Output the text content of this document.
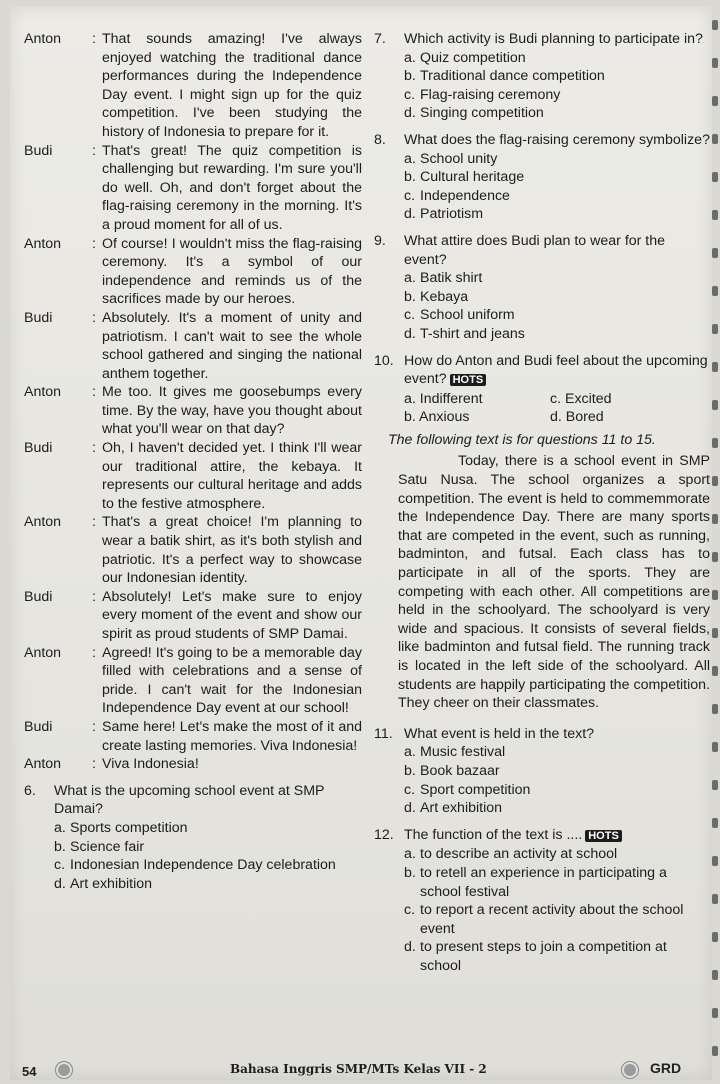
Anton	: That sounds amazing! I've always enjoyed watching the traditional dance performances during the Independence Day event. I might sign up for the quiz competition. I've been studying the history of Indonesia to prepare for it.
Budi	: That's great! The quiz competition is challenging but rewarding. I'm sure you'll do well. Oh, and don't forget about the flag-raising ceremony in the morning. It's a proud moment for all of us.
Anton	: Of course! I wouldn't miss the flag-raising ceremony. It's a symbol of our independence and reminds us of the sacrifices made by our heroes.
Budi	: Absolutely. It's a moment of unity and patriotism. I can't wait to see the whole school gathered and singing the national anthem together.
Anton	: Me too. It gives me goosebumps every time. By the way, have you thought about what you'll wear on that day?
Budi	: Oh, I haven't decided yet. I think I'll wear our traditional attire, the kebaya. It represents our cultural heritage and adds to the festive atmosphere.
Anton	: That's a great choice! I'm planning to wear a batik shirt, as it's both stylish and patriotic. It's a perfect way to showcase our Indonesian identity.
Budi	: Absolutely! Let's make sure to enjoy every moment of the event and show our spirit as proud students of SMP Damai.
Anton	: Agreed! It's going to be a memorable day filled with celebrations and a sense of pride. I can't wait for the Indonesian Independence Day event at our school!
Budi	: Same here! Let's make the most of it and create lasting memories. Viva Indonesia!
Anton	: Viva Indonesia!
6.	What is the upcoming school event at SMP Damai?
a. Sports competition
b. Science fair
c. Indonesian Independence Day celebration
d. Art exhibition
7.	Which activity is Budi planning to participate in?
a. Quiz competition
b. Traditional dance competition
c. Flag-raising ceremony
d. Singing competition
8.	What does the flag-raising ceremony symbolize?
a. School unity
b. Cultural heritage
c. Independence
d. Patriotism
9.	What attire does Budi plan to wear for the event?
a. Batik shirt
b. Kebaya
c. School uniform
d. T-shirt and jeans
10. How do Anton and Budi feel about the upcoming event? HOTS
a. Indifferent	c. Excited
b. Anxious	d. Bored
The following text is for questions 11 to 15.
Today, there is a school event in SMP Satu Nusa. The school organizes a sport competition. The event is held to commemmorate the Independence Day. There are many sports that are competed in the event, such as running, badminton, and futsal. Each class has to participate in all of the sports. They are competing with each other. All competitions are held in the schoolyard. The schoolyard is very wide and spacious. It consists of several fields, like badminton and futsal field. The running track is located in the left side of the schoolyard. All students are happily participating the competition. They cheer on their classmates.
11. What event is held in the text?
a. Music festival
b. Book bazaar
c. Sport competition
d. Art exhibition
12. The function of the text is .... HOTS
a. to describe an activity at school
b. to retell an experience in participating a school festival
c. to report a recent activity about the school event
d. to present steps to join a competition at school
54	Bahasa Inggris SMP/MTs Kelas VII - 2	GRD
